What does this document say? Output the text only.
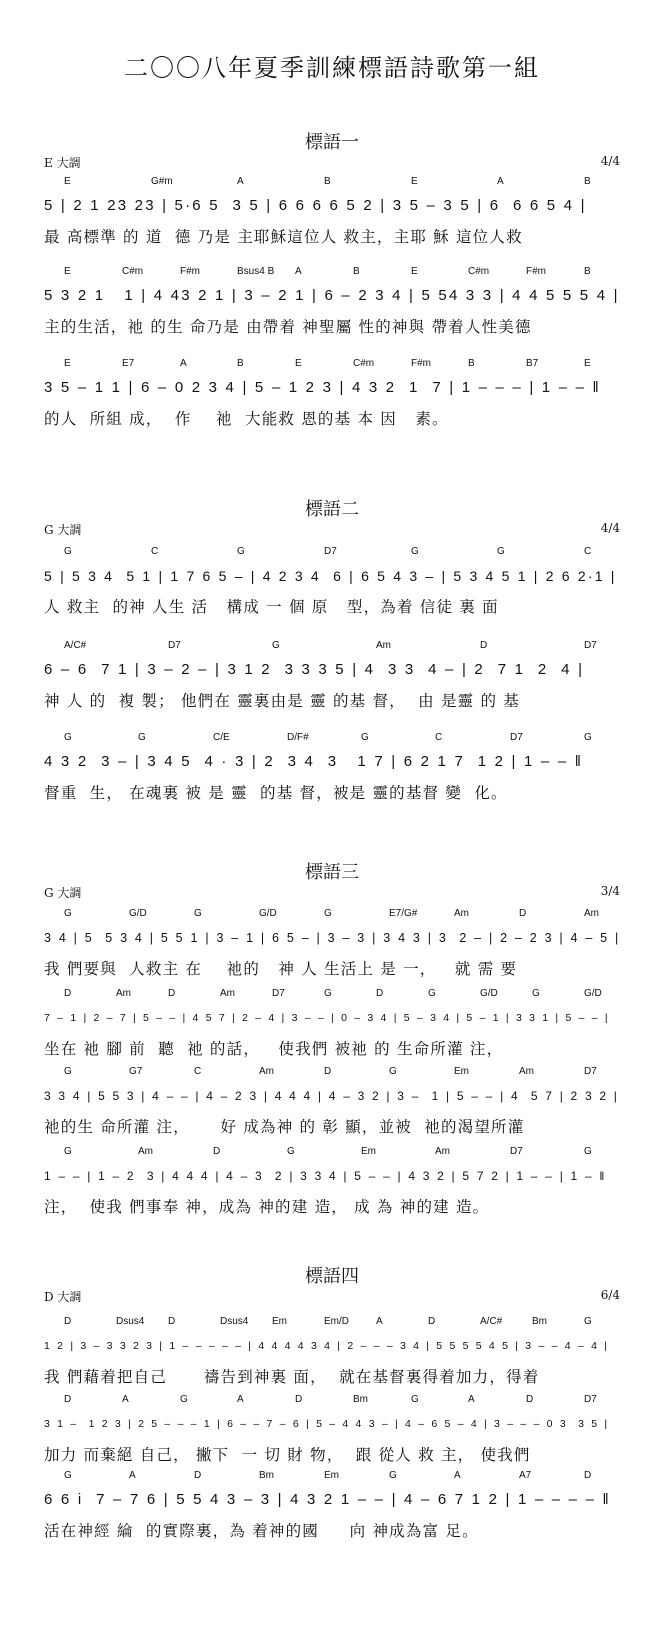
二〇〇八年夏季訓練標語詩歌第一組
標語一
E 大調	4/4
E	G#m	A	B	E	A	B
5 | 2 1 23 23 | 5·6 5  3 5 | 6 6 6 6 5 2 | 3 5 – 3 5 | 6  6 6 5 4 |
最 高標準 的 道  德 乃是 主耶穌這位人 救主，主耶 穌 這位人救
E	C#m	F#m	Bsus4 B A	B	E	C#m	F#m	B
5 3 2 1   1 | 4 43 2 1 | 3 – 2 1 | 6 – 2 3 4 | 5 54 3 3 | 4 4 5 5 5 4 |
主的生活，祂 的生 命乃是 由帶着 神聖屬 性的神與 帶着人性美德
E	E7	A	B	E	C#m	F#m	B	B7	E
3 5 – 1 1 | 6 – 0 2 3 4 | 5 – 1 2 3 | 4 3 2  1  7 | 1 – – – | 1 – – ‖
的人  所組 成，  作    祂  大能救 恩的基 本 因   素。
標語二
G 大調	4/4
G	C	G	D7	G	G	C
5 | 5 3 4  5 1 | 1 7 6 5 – | 4 2 3 4  6 | 6 5 4 3 – | 5 3 4 5 1 | 2 6 2·1 |
人 救主  的神 人生 活   構成 一 個 原   型，為着 信徒 裏 面
A/C#	D7	G	Am	D	D7
6 – 6  7 1 | 3 – 2 – | 3 1 2  3 3 3 5 | 4  3 3  4 – | 2  7 1  2  4 |
神 人 的  複 製； 他們在 靈裏由是 靈 的基 督，  由 是靈 的 基
G	G	C/E	D/F#	G	C	D7	G
4 3 2  3 – | 3 4 5  4 · 3 | 2  3 4  3   1 7 | 6 2 1 7  1 2 | 1 – – ‖
督重  生， 在魂裏 被 是 靈  的基 督，被是 靈的基督 變  化。
標語三
G 大調	3/4
G	G/D	G	G/D	G	E7/G#	Am	D	Am
3 4 | 5  5 3 4 | 5 5 1 | 3 – 1 | 6 5 – | 3 – 3 | 3 4 3 | 3  2 – | 2 – 2 3 | 4 – 5 |
我 們要與  人救主 在    祂的   神 人 生活上 是 一，   就 需 要
D	Am	D	Am	D7	G	D	G	G/D	G	G/D
7 – 1 | 2 – 7 | 5 – – | 4 5 7 | 2 – 4 | 3 – – | 0 – 3 4 | 5 – 3 4 | 5 – 1 | 3 3 1 | 5 – – |
坐在 祂 腳 前  聽  祂 的話，   使我們 被祂 的 生命所灌 注，
G	G7	C	Am	D	G	Em	Am	D7
3 3 4 | 5 5 3 | 4 – – | 4 – 2 3 | 4 4 4 | 4 – 3 2 | 3 –  1 | 5 – – | 4  5 7 | 2 3 2 |
祂的生 命所灌 注，     好 成為神 的 彰 顯，並被  祂的渴望所灌
G	Am	D	G	Em	Am	D7	G
1 – – | 1 – 2  3 | 4 4 4 | 4 – 3  2 | 3 3 4 | 5 – – | 4 3 2 | 5 7 2 | 1 – – | 1 – ‖
注，  使我 們事奉 神，成為 神的建 造， 成 為 神的建 造。
標語四
D 大調	6/4
D	Dsus4 D	Dsus4 Em	Em/D	A	D	A/C#	Bm	G
1 2 | 3 – 3 3 2 3 | 1 – – – – – | 4 4 4 4 3 4 | 2 – – – 3 4 | 5 5 5 5 4 5 | 3 – – 4 – 4 |
我 們藉着把自己      禱告到神裏 面，  就在基督裏得着加力，得着
D	A	G	A	D	Bm	G	A	D	D7
3 1 –  1 2 3 | 2 5 – – – 1 | 6 – – 7 – 6 | 5 – 4 4 3 – | 4 – 6 5 – 4 | 3 – – – 0 3  3 5 |
加力 而棄絕 自己， 撇下  一 切 財 物，  跟 從人 救 主， 使我們
G	A	D	Bm	Em	G	A	A7	D
6 6 i  7 – 7 6 | 5 5 4 3 – 3 | 4 3 2 1 – – | 4 – 6 7 1 2 | 1 – – – – ‖
活在神經 綸  的實際裏，為 着神的國     向 神成為富 足。
